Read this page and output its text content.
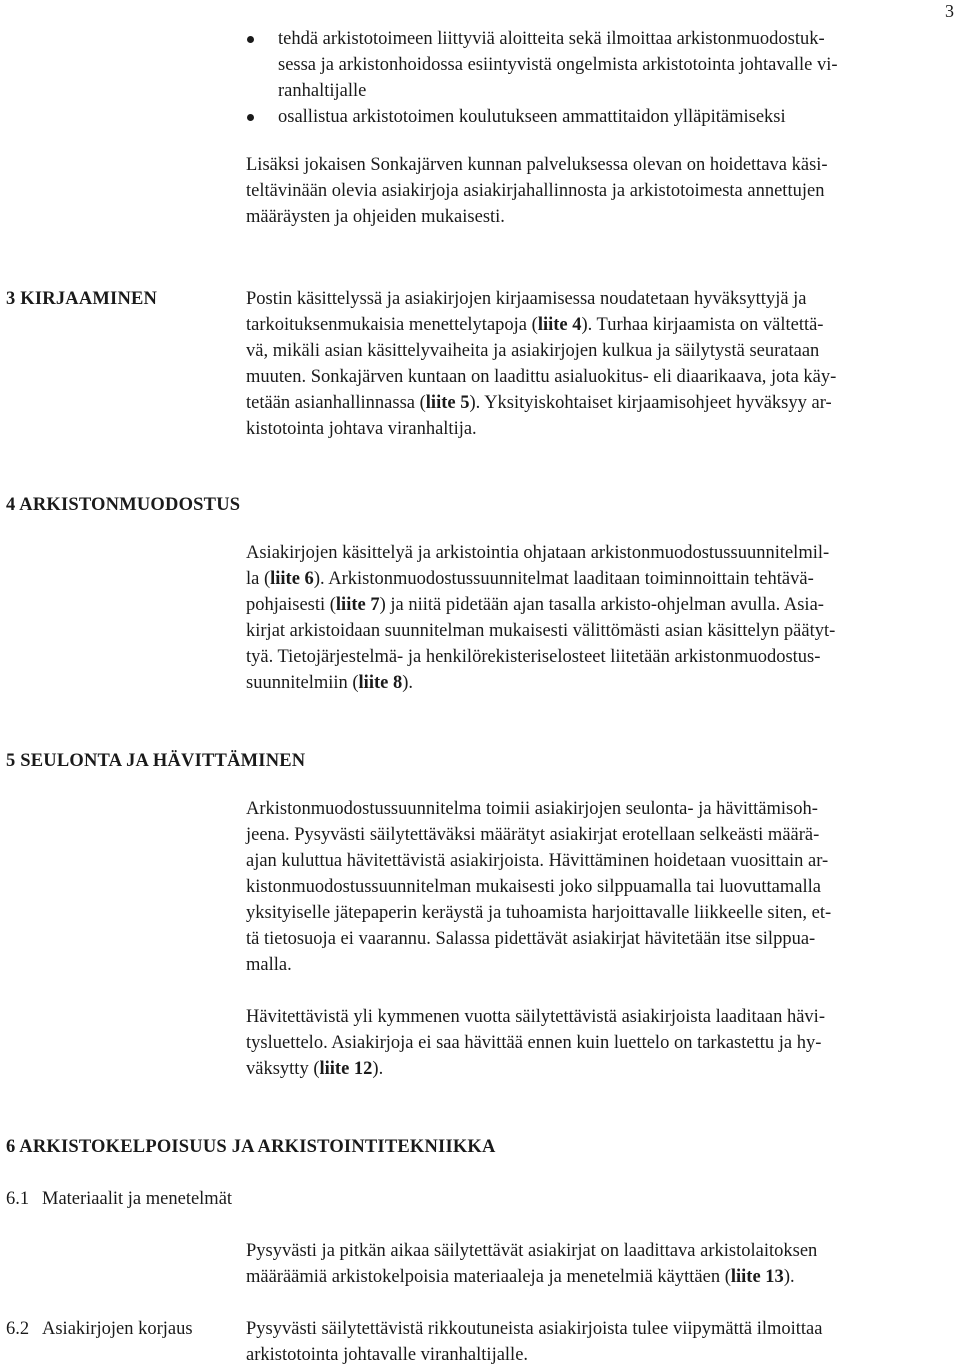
3
tehdä arkistotoimeen liittyviä aloitteita sekä ilmoittaa arkistonmuodostuk-
sessa ja arkistonhoidossa esiintyvistä ongelmista arkistotointa johtavalle vi-
ranhaltijalle
osallistua arkistotoimen koulutukseen ammattitaidon ylläpitämiseksi

Lisäksi jokaisen Sonkajärven kunnan palveluksessa olevan on hoidettava käsi-
teltävinään olevia asiakirjoja asiakirjahallinnosta ja arkistotoimesta annettujen
määräysten ja ohjeiden mukaisesti.

3 KIRJAAMINEN	Postin käsittelyssä ja asiakirjojen kirjaamisessa noudatetaan hyväksyttyjä ja
tarkoituksenmukaisia menettelytapoja (liite 4). Turhaa kirjaamista on vältettä-
vä, mikäli asian käsittelyvaiheita ja asiakirjojen kulkua ja säilytystä seurataan
muuten. Sonkajärven kuntaan on laadittu asialuokitus- eli diaarikaava, jota käy-
tetään asianhallinnassa (liite 5). Yksityiskohtaiset kirjaamisohjeet hyväksyy ar-
kistotointa johtava viranhaltija.

4 ARKISTONMUODOSTUS

Asiakirjojen käsittelyä ja arkistointia ohjataan arkistonmuodostussuunnitelmil-
la (liite 6). Arkistonmuodostussuunnitelmat laaditaan toiminnoittain tehtävä-
pohjaisesti (liite 7) ja niitä pidetään ajan tasalla arkisto-ohjelman avulla. Asia-
kirjat arkistoidaan suunnitelman mukaisesti välittömästi asian käsittelyn päätyt-
tyä. Tietojärjestelmä- ja henkilörekisteriselosteet liitetään arkistonmuodostus-
suunnitelmiin (liite 8).

5 SEULONTA JA HÄVITTÄMINEN

Arkistonmuodostussuunnitelma toimii asiakirjojen seulonta- ja hävittämisoh-
jeena. Pysyvästi säilytettäväksi määrätyt asiakirjat erotellaan selkeästi määrä-
ajan kuluttua hävitettävistä asiakirjoista. Hävittäminen hoidetaan vuosittain ar-
kistonmuodostussuunnitelman mukaisesti joko silppuamalla tai luovuttamalla
yksityiselle jätepaperin keräystä ja tuhoamista harjoittavalle liikkeelle siten, et-
tä tietosuoja ei vaarannu. Salassa pidettävät asiakirjat hävitetään itse silppua-
malla.

Hävitettävistä yli kymmenen vuotta säilytettävistä asiakirjoista laaditaan hävi-
tysluettelo. Asiakirjoja ei saa hävittää ennen kuin luettelo on tarkastettu ja hy-
väksytty (liite 12).

6 ARKISTOKELPOISUUS JA ARKISTOINTITEKNIIKKA
6.1 Materiaalit ja menetelmät

Pysyvästi ja pitkän aikaa säilytettävät asiakirjat on laadittava arkistolaitoksen
määräämiä arkistokelpoisia materiaaleja ja menetelmiä käyttäen (liite 13).

6.2 Asiakirjojen korjaus	Pysyvästi säilytettävistä rikkoutuneista asiakirjoista tulee viipymättä ilmoittaa
arkistotointa johtavalle viranhaltijalle.
